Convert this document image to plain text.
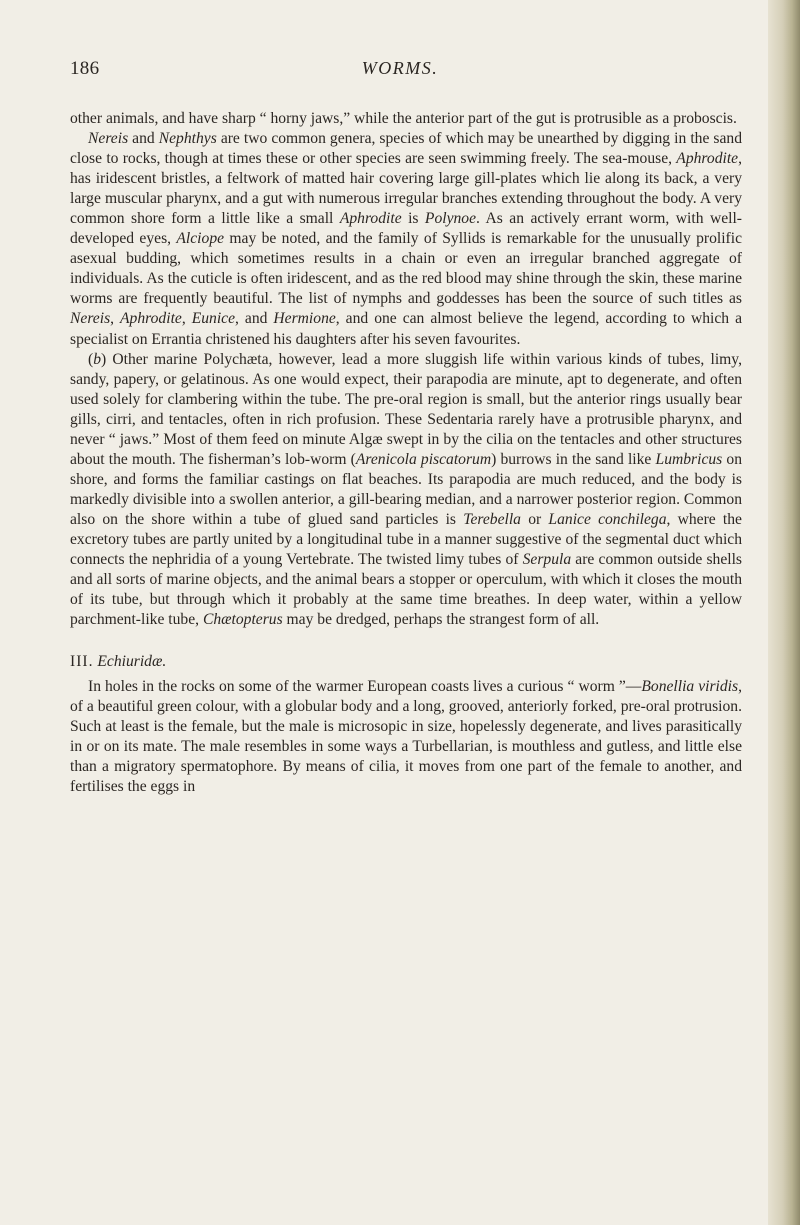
186	WORMS.

other animals, and have sharp “ horny jaws,” while the anterior part of the gut is protrusible as a proboscis.

Nereis and Nephthys are two common genera, species of which may be unearthed by digging in the sand close to rocks, though at times these or other species are seen swimming freely. The sea-mouse, Aphrodite, has iridescent bristles, a feltwork of matted hair covering large gill-plates which lie along its back, a very large muscular pharynx, and a gut with numerous irregular branches extending throughout the body. A very common shore form a little like a small Aphrodite is Polynoe. As an actively errant worm, with well-developed eyes, Alciope may be noted, and the family of Syllids is remarkable for the unusually prolific asexual budding, which sometimes results in a chain or even an irregular branched aggregate of individuals. As the cuticle is often iridescent, and as the red blood may shine through the skin, these marine worms are frequently beautiful. The list of nymphs and goddesses has been the source of such titles as Nereis, Aphrodite, Eunice, and Hermione, and one can almost believe the legend, according to which a specialist on Errantia christened his daughters after his seven favourites.

(b) Other marine Polychæta, however, lead a more sluggish life within various kinds of tubes, limy, sandy, papery, or gelatinous. As one would expect, their parapodia are minute, apt to degenerate, and often used solely for clambering within the tube. The pre-oral region is small, but the anterior rings usually bear gills, cirri, and tentacles, often in rich profusion. These Sedentaria rarely have a protrusible pharynx, and never “ jaws.” Most of them feed on minute Algæ swept in by the cilia on the tentacles and other structures about the mouth. The fisherman’s lob-worm (Arenicola piscatorum) burrows in the sand like Lumbricus on shore, and forms the familiar castings on flat beaches. Its parapodia are much reduced, and the body is markedly divisible into a swollen anterior, a gill-bearing median, and a narrower posterior region. Common also on the shore within a tube of glued sand particles is Terebella or Lanice conchilega, where the excretory tubes are partly united by a longitudinal tube in a manner suggestive of the segmental duct which connects the nephridia of a young Vertebrate. The twisted limy tubes of Serpula are common outside shells and all sorts of marine objects, and the animal bears a stopper or operculum, with which it closes the mouth of its tube, but through which it probably at the same time breathes. In deep water, within a yellow parchment-like tube, Chætopterus may be dredged, perhaps the strangest form of all.

III. Echiuridæ.

In holes in the rocks on some of the warmer European coasts lives a curious “ worm ”—Bonellia viridis, of a beautiful green colour, with a globular body and a long, grooved, anteriorly forked, pre-oral protrusion. Such at least is the female, but the male is microsopic in size, hopelessly degenerate, and lives parasitically in or on its mate. The male resembles in some ways a Turbellarian, is mouthless and gutless, and little else than a migratory spermatophore. By means of cilia, it moves from one part of the female to another, and fertilises the eggs in
